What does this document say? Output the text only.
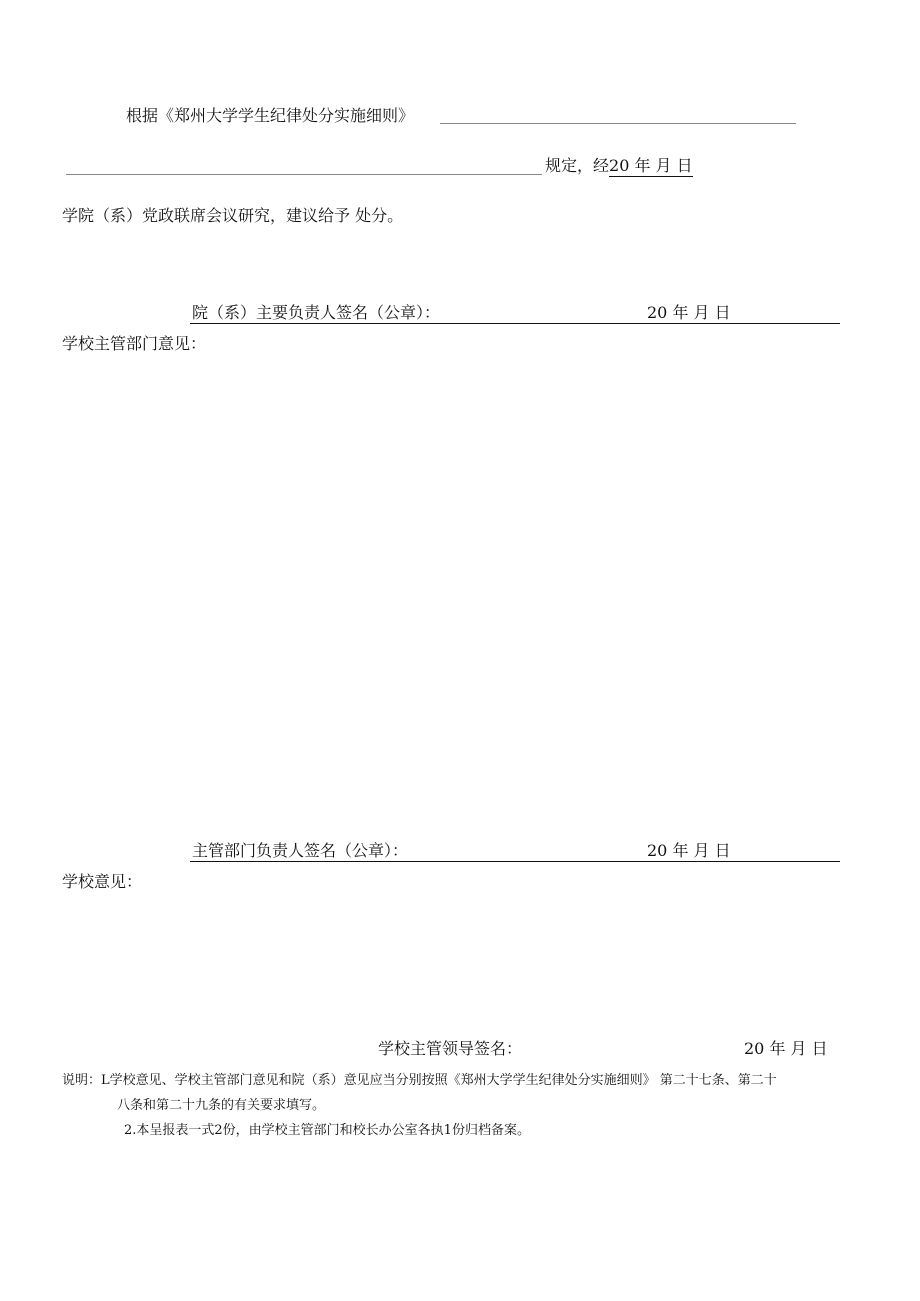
根据《郑州大学学生纪律处分实施细则》
规定，经20 年 月 日
学院（系）党政联席会议研究，建议给予 处分。
院（系）主要负责人签名（公章）：	20 年 月 日
学校主管部门意见：
主管部门负责人签名（公章）：	20 年 月 日
学校意见：
学校主管领导签名：	20 年 月 日
说明：L学校意见、学校主管部门意见和院（系）意见应当分别按照《郑州大学学生纪律处分实施细则》 第二十七条、第二十
八条和第二十九条的有关要求填写。
2.本呈报表一式2份，由学校主管部门和校长办公室各执1份归档备案。
